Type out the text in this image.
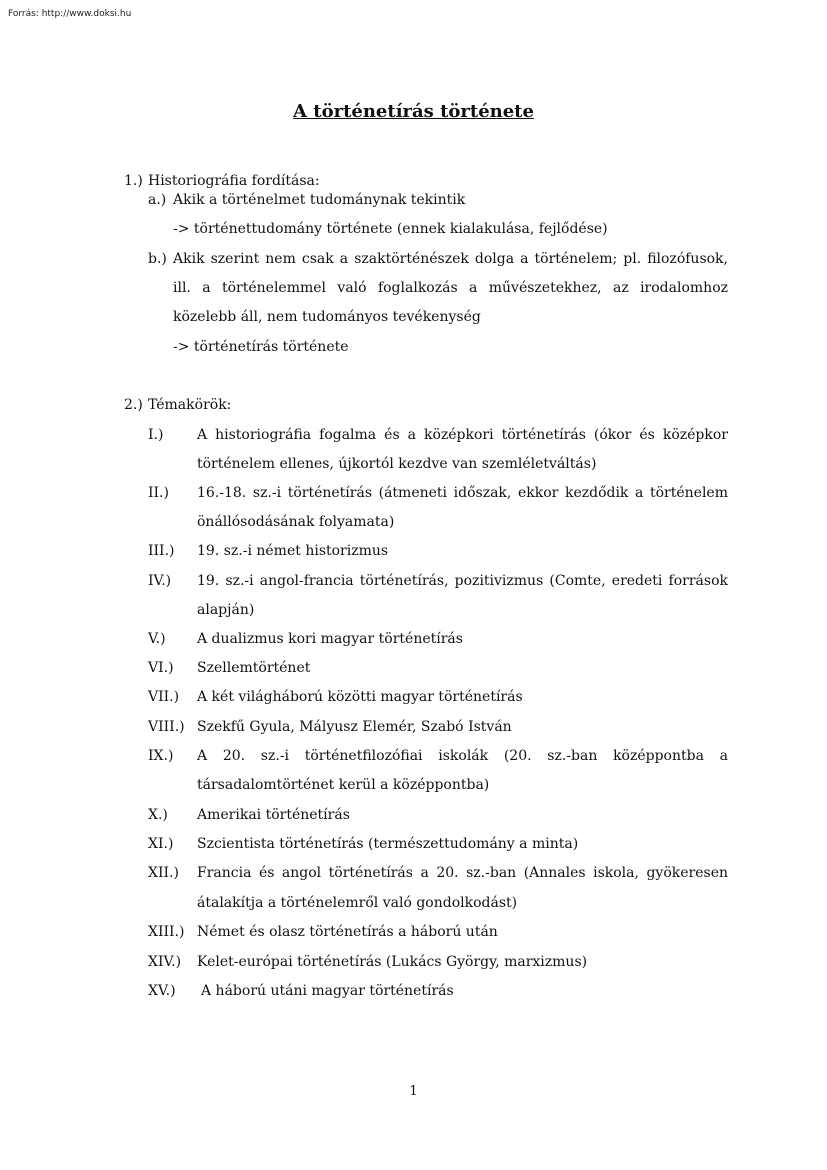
Forrás: http://www.doksi.hu
A történetírás története
1.) Historiográfia fordítása:
a.) Akik a történelmet tudománynak tekintik
-> történettudomány története (ennek kialakulása, fejlődése)
b.) Akik szerint nem csak a szaktörténészek dolga a történelem; pl. filozófusok,
ill. a történelemmel való foglalkozás a művészetekhez, az irodalomhoz
közelebb áll, nem tudományos tevékenység
-> történetírás története
2.) Témakörök:
I.) A historiográfia fogalma és a középkori történetírás (ókor és középkor
történelem ellenes, újkortól kezdve van szemléletváltás)
II.) 16.-18. sz.-i történetírás (átmeneti időszak, ekkor kezdődik a történelem
önállósodásának folyamata)
III.) 19. sz.-i német historizmus
IV.) 19. sz.-i angol-francia történetírás, pozitivizmus (Comte, eredeti források
alapján)
V.) A dualizmus kori magyar történetírás
VI.) Szellemtörténet
VII.) A két világháború közötti magyar történetírás
VIII.) Szekfű Gyula, Mályusz Elemér, Szabó István
IX.) A 20. sz.-i történetfilozófiai iskolák (20. sz.-ban középpontba a
társadalomtörténet kerül a középpontba)
X.) Amerikai történetírás
XI.) Szcientista történetírás (természettudomány a minta)
XII.) Francia és angol történetírás a 20. sz.-ban (Annales iskola, gyökeresen
átalakítja a történelemről való gondolkodást)
XIII.) Német és olasz történetírás a háború után
XIV.) Kelet-európai történetírás (Lukács György, marxizmus)
XV.) A háború utáni magyar történetírás
1
